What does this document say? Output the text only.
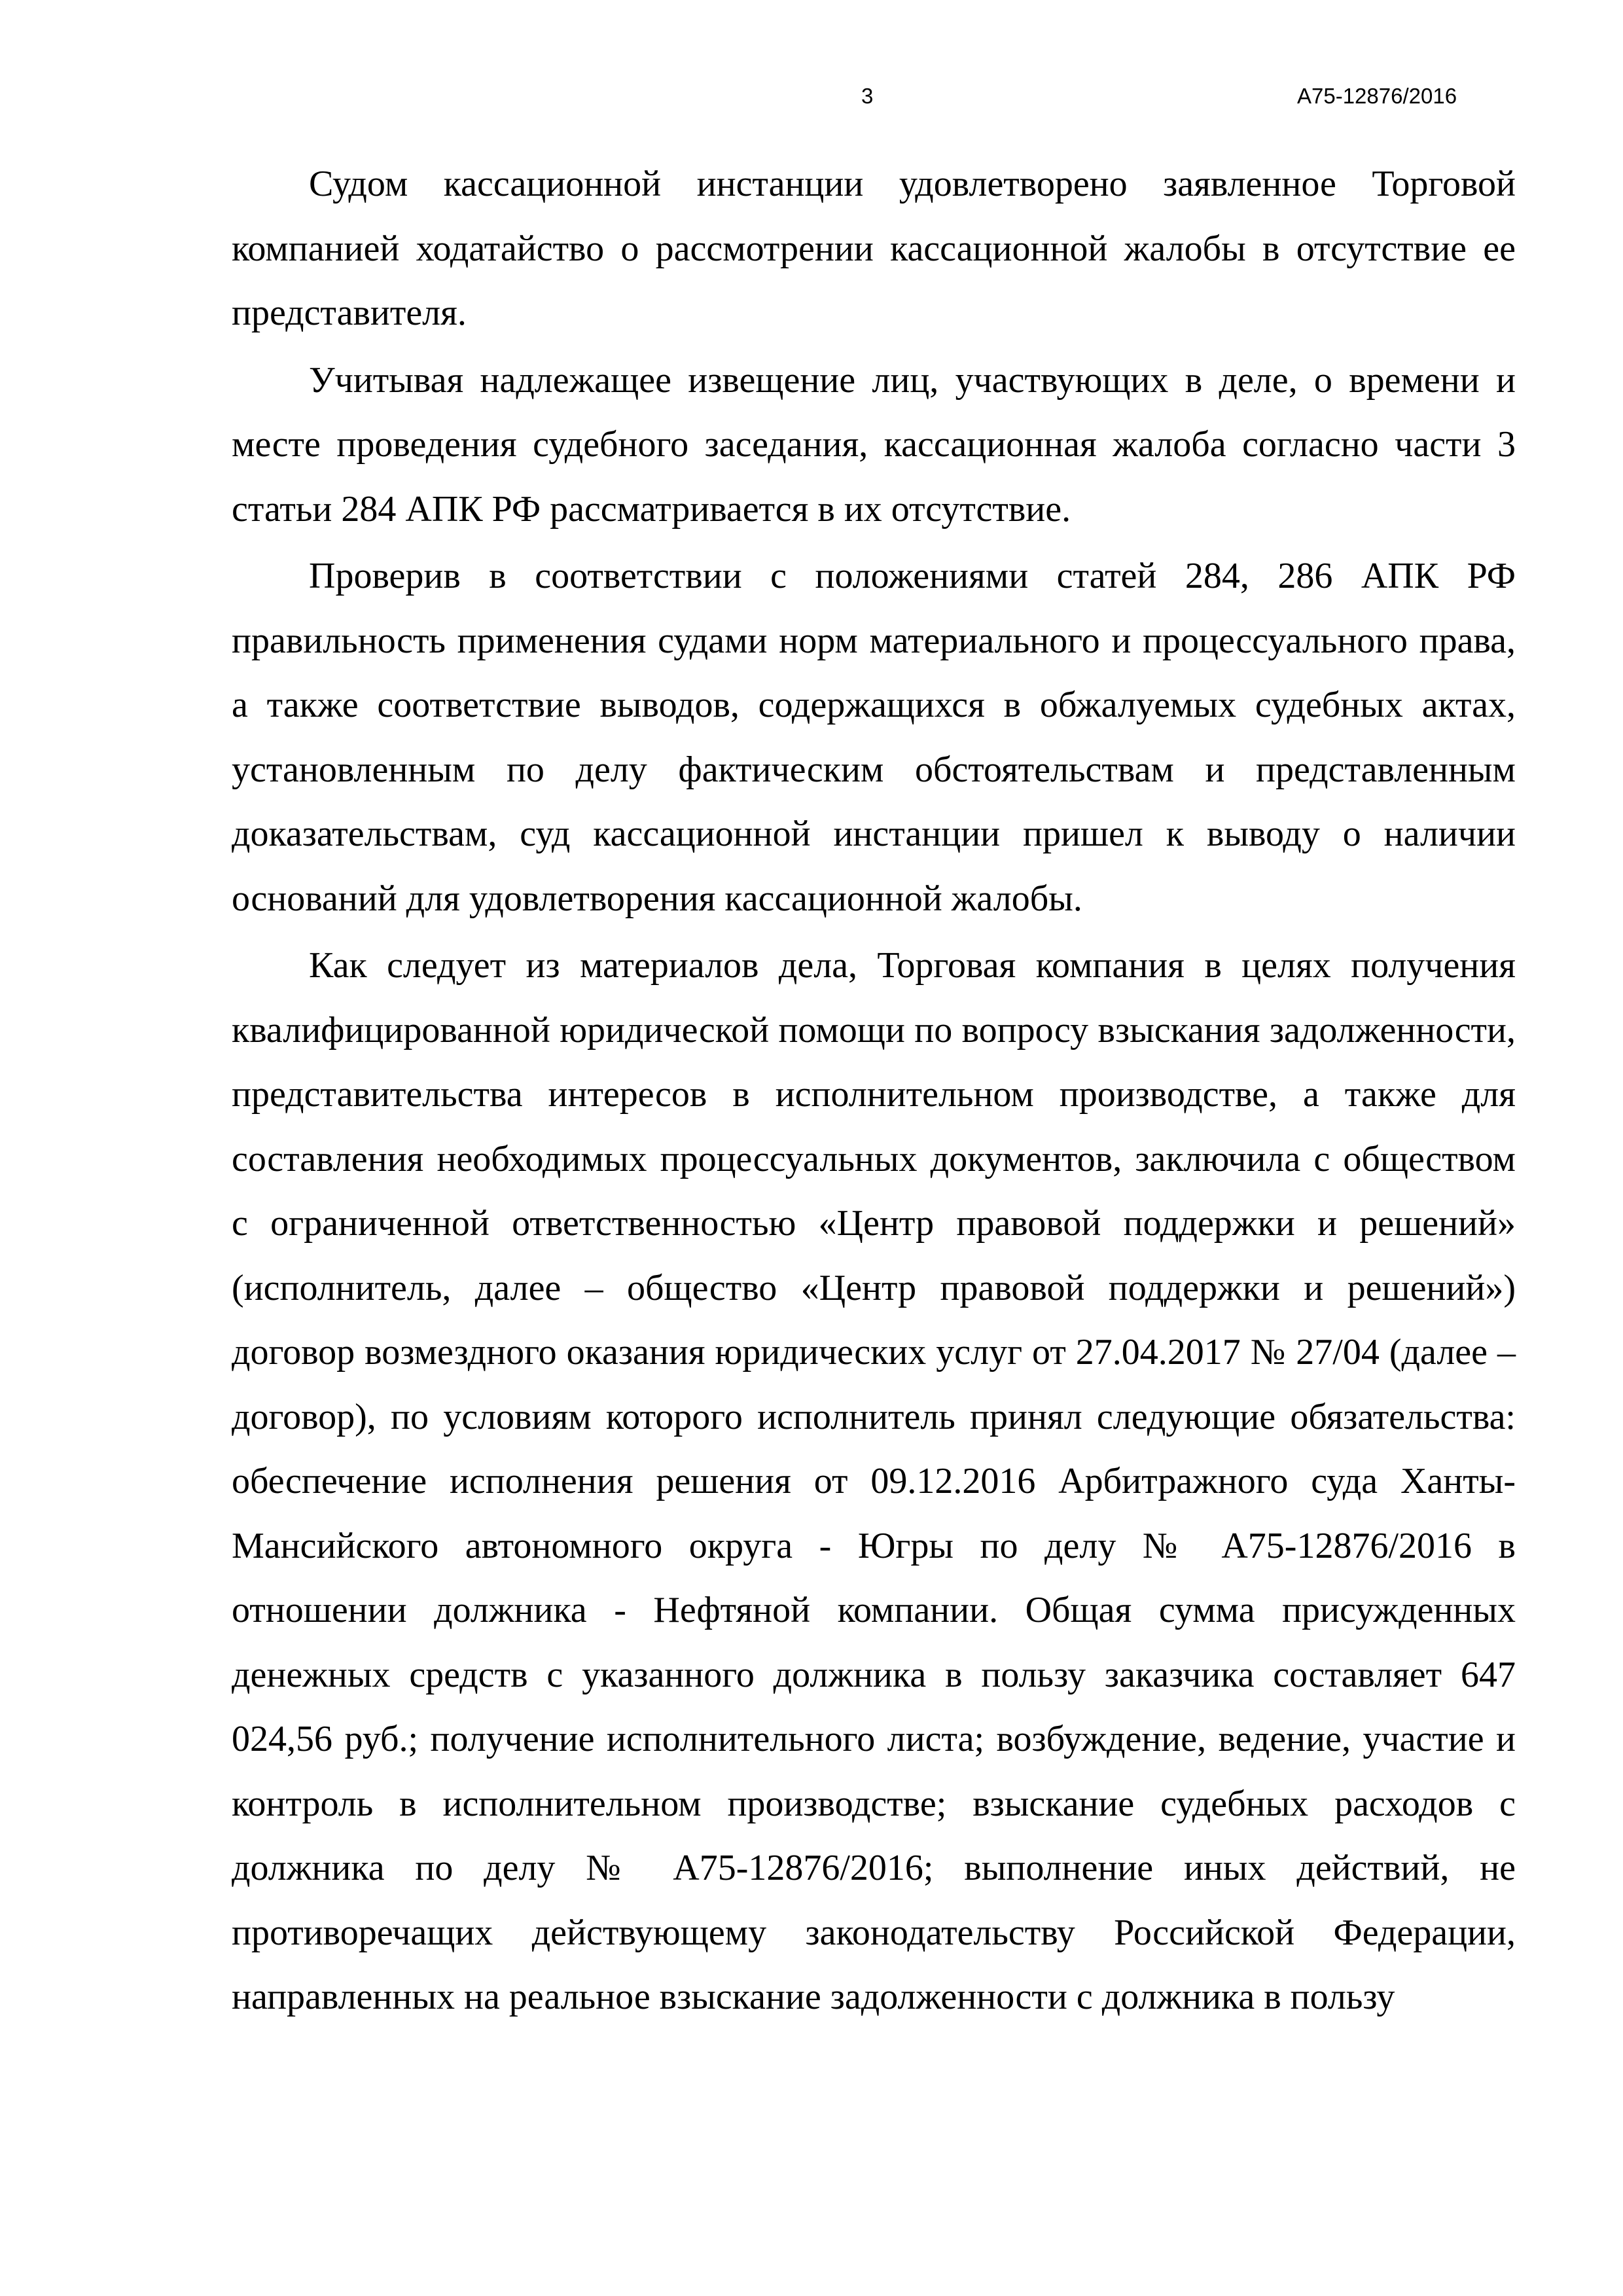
3	А75-12876/2016

Судом кассационной инстанции удовлетворено заявленное Торговой компанией ходатайство о рассмотрении кассационной жалобы в отсутствие ее представителя.

Учитывая надлежащее извещение лиц, участвующих в деле, о времени и месте проведения судебного заседания, кассационная жалоба согласно части 3 статьи 284 АПК РФ рассматривается в их отсутствие.

Проверив в соответствии с положениями статей 284, 286 АПК РФ правильность применения судами норм материального и процессуального права, а также соответствие выводов, содержащихся в обжалуемых судебных актах, установленным по делу фактическим обстоятельствам и представленным доказательствам, суд кассационной инстанции пришел к выводу о наличии оснований для удовлетворения кассационной жалобы.

Как следует из материалов дела, Торговая компания в целях получения квалифицированной юридической помощи по вопросу взыскания задолженности, представительства интересов в исполнительном производстве, а также для составления необходимых процессуальных документов, заключила с обществом с ограниченной ответственностью «Центр правовой поддержки и решений» (исполнитель, далее – общество «Центр правовой поддержки и решений») договор возмездного оказания юридических услуг от 27.04.2017 № 27/04 (далее – договор), по условиям которого исполнитель принял следующие обязательства: обеспечение исполнения решения от 09.12.2016 Арбитражного суда Ханты-Мансийского автономного округа - Югры по делу № А75-12876/2016 в отношении должника - Нефтяной компании. Общая сумма присужденных денежных средств с указанного должника в пользу заказчика составляет 647 024,56 руб.; получение исполнительного листа; возбуждение, ведение, участие и контроль в исполнительном производстве; взыскание судебных расходов с должника по делу № А75-12876/2016; выполнение иных действий, не противоречащих действующему законодательству Российской Федерации, направленных на реальное взыскание задолженности с должника в пользу
